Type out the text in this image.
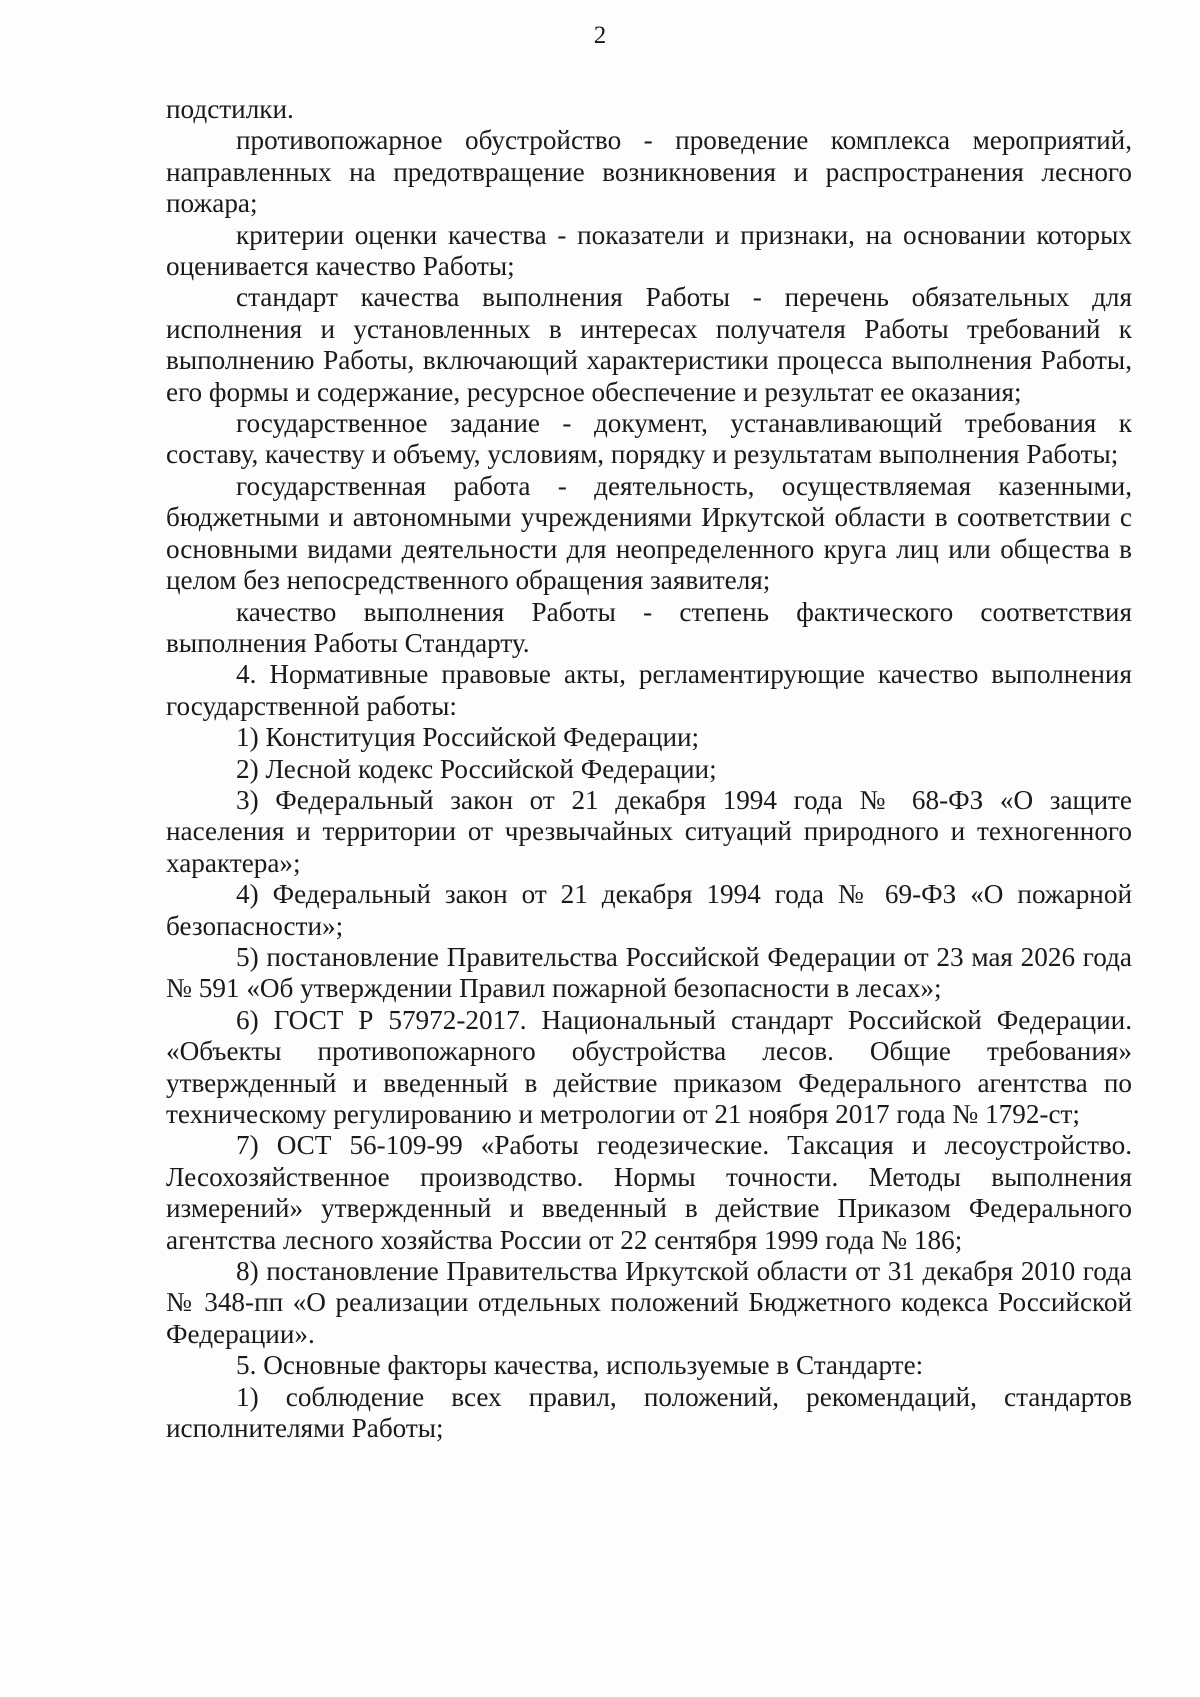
2

подстилки.

противопожарное обустройство - проведение комплекса мероприятий, направленных на предотвращение возникновения и распространения лесного пожара;

критерии оценки качества - показатели и признаки, на основании которых оценивается качество Работы;

стандарт качества выполнения Работы - перечень обязательных для исполнения и установленных в интересах получателя Работы требований к выполнению Работы, включающий характеристики процесса выполнения Работы, его формы и содержание, ресурсное обеспечение и результат ее оказания;

государственное задание - документ, устанавливающий требования к составу, качеству и объему, условиям, порядку и результатам выполнения Работы;

государственная работа - деятельность, осуществляемая казенными, бюджетными и автономными учреждениями Иркутской области в соответствии с основными видами деятельности для неопределенного круга лиц или общества в целом без непосредственного обращения заявителя;

качество выполнения Работы - степень фактического соответствия выполнения Работы Стандарту.

4. Нормативные правовые акты, регламентирующие качество выполнения государственной работы:

1) Конституция Российской Федерации;

2) Лесной кодекс Российской Федерации;

3) Федеральный закон от 21 декабря 1994 года № 68-ФЗ «О защите населения и территории от чрезвычайных ситуаций природного и техногенного характера»;

4) Федеральный закон от 21 декабря 1994 года № 69-ФЗ «О пожарной безопасности»;

5) постановление Правительства Российской Федерации от 23 мая 2026 года № 591 «Об утверждении Правил пожарной безопасности в лесах»;

6) ГОСТ Р 57972-2017. Национальный стандарт Российской Федерации. «Объекты противопожарного обустройства лесов. Общие требования» утвержденный и введенный в действие приказом Федерального агентства по техническому регулированию и метрологии от 21 ноября 2017 года № 1792-ст;

7) ОСТ 56-109-99 «Работы геодезические. Таксация и лесоустройство. Лесохозяйственное производство. Нормы точности. Методы выполнения измерений» утвержденный и введенный в действие Приказом Федерального агентства лесного хозяйства России от 22 сентября 1999 года № 186;

8) постановление Правительства Иркутской области от 31 декабря 2010 года № 348-пп «О реализации отдельных положений Бюджетного кодекса Российской Федерации».

5. Основные факторы качества, используемые в Стандарте:

1) соблюдение всех правил, положений, рекомендаций, стандартов исполнителями Работы;
